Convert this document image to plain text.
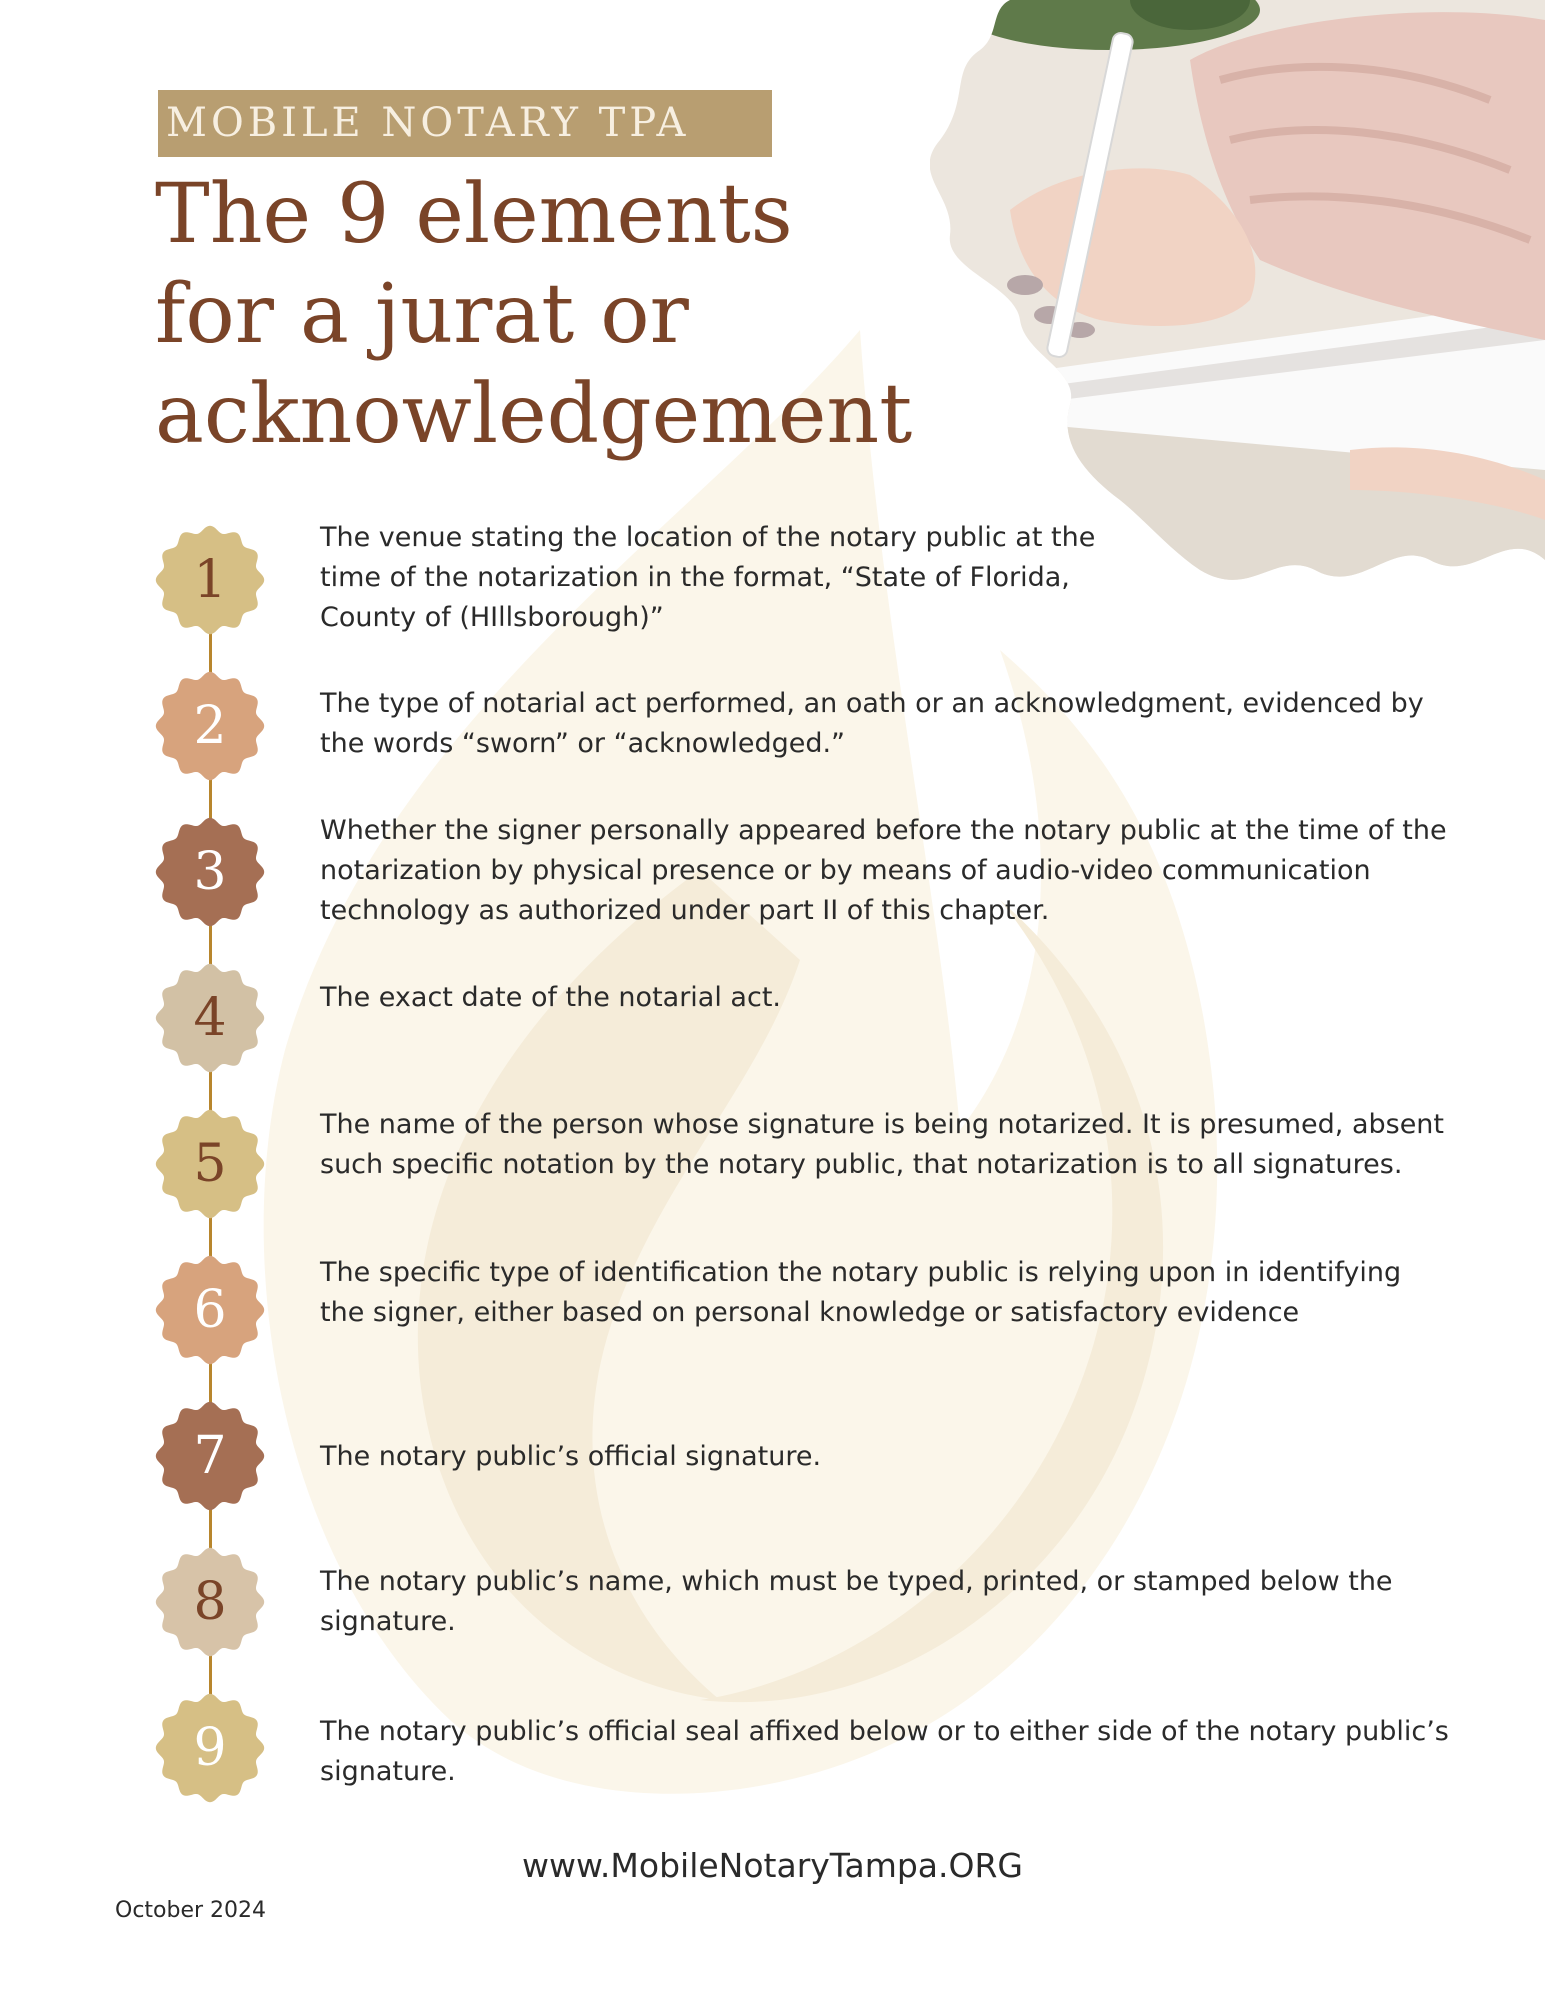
MOBILE NOTARY TPA
The 9 elements
for a jurat or
acknowledgement
1
2
3
4
5
6
7
8
9
The venue stating the location of the notary public at the time of the notarization in the format, “State of Florida, County of (HIllsborough)”
The type of notarial act performed, an oath or an acknowledgment, evidenced by the words “sworn” or “acknowledged.”
Whether the signer personally appeared before the notary public at the time of the notarization by physical presence or by means of audio-video communication technology as authorized under part II of this chapter.
The exact date of the notarial act.
The name of the person whose signature is being notarized. It is presumed, absent such specific notation by the notary public, that notarization is to all signatures.
The specific type of identification the notary public is relying upon in identifying the signer, either based on personal knowledge or satisfactory evidence
The notary public’s official signature.
The notary public’s name, which must be typed, printed, or stamped below the signature.
The notary public’s official seal affixed below or to either side of the notary public’s signature.
www.MobileNotaryTampa.ORG
October 2024
